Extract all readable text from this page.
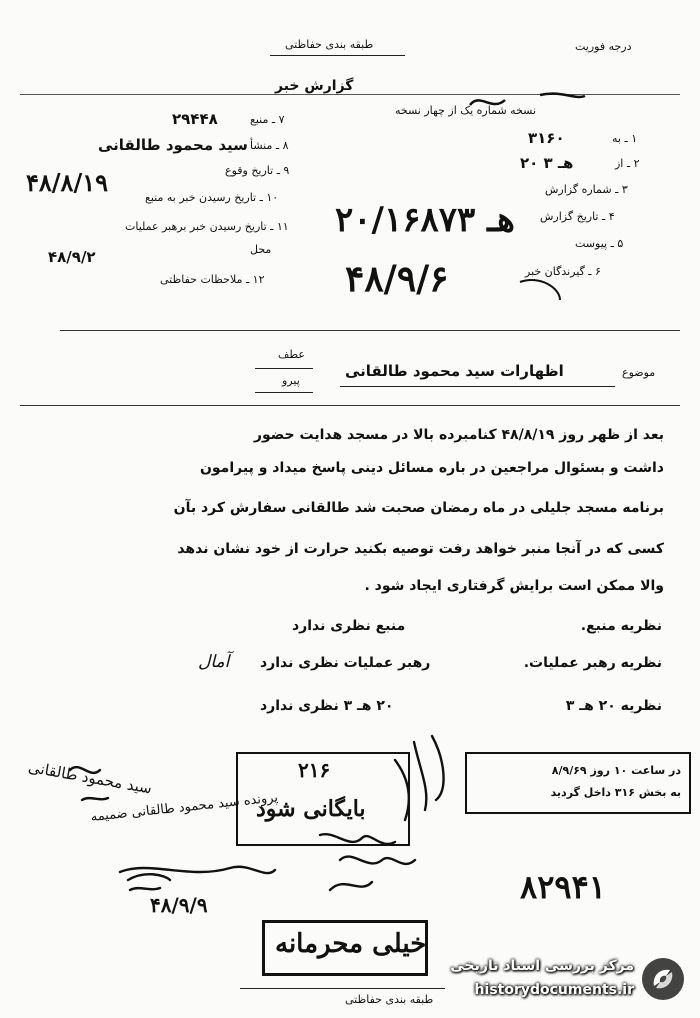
طبقه بندی حفاظتی	درجه فوریت
گزارش خبر
نسخه شماره یک از چهار نسخه
۷ ـ منبع
۲۹۴۴۸
۸ ـ منشأ
سید محمود طالقانی
۹ ـ تاریخ وقوع
۴۸/۸/۱۹
۱۰ ـ تاریخ رسیدن خبر به منبع
۱۱ ـ تاریخ رسیدن خبر برهبر عملیات
محل
۴۸/۹/۲
۱۲ ـ ملاحظات حفاظتی
۱ ـ به
۳۱۶۰
۲ ـ از
۲۰ هـ ۳
۳ ـ شماره گزارش
۴ ـ تاریخ گزارش
۲۰/۱۶۸۷۳ هـ
۵ ـ پیوست
۶ ـ گیرندگان خبر
۴۸/۹/۶
موضوع
اظهارات سید محمود طالقانی
عطف
پیرو
بعد از ظهر روز ۴۸/۸/۱۹ کنامبرده بالا در مسجد هدایت حضور
داشت و بسئوال مراجعین در باره مسائل دینی پاسخ میداد و پیرامون
برنامه مسجد جلیلی در ماه رمضان صحبت شد طالقانی سفارش کرد بآن
کسی که در آنجا منبر خواهد رفت توصیه بکنید حرارت از خود نشان ندهد
والا ممکن است برایش گرفتاری ایجاد شود .
نظریه منبع.
منبع نظری ندارد
نظریه رهبر عملیات.
رهبر عملیات نظری ندارد
آمال
نظریه ۲۰ هـ ۳
۲۰ هـ ۳ نظری ندارد
۲۱۶
بایگانی شود
در ساعت ۱۰ روز ۸/۹/۶۹
به بخش ۳۱۶ داخل گردید
سید محمود طالقانی
پرونده سید محمود طالقانی ضمیمه
۸۲۹۴۱
۴۸/۹/۹
خیلی محرمانه
طبقه بندی حفاظتی
مرکز بررسی اسناد تاریخی
historydocuments.ir
